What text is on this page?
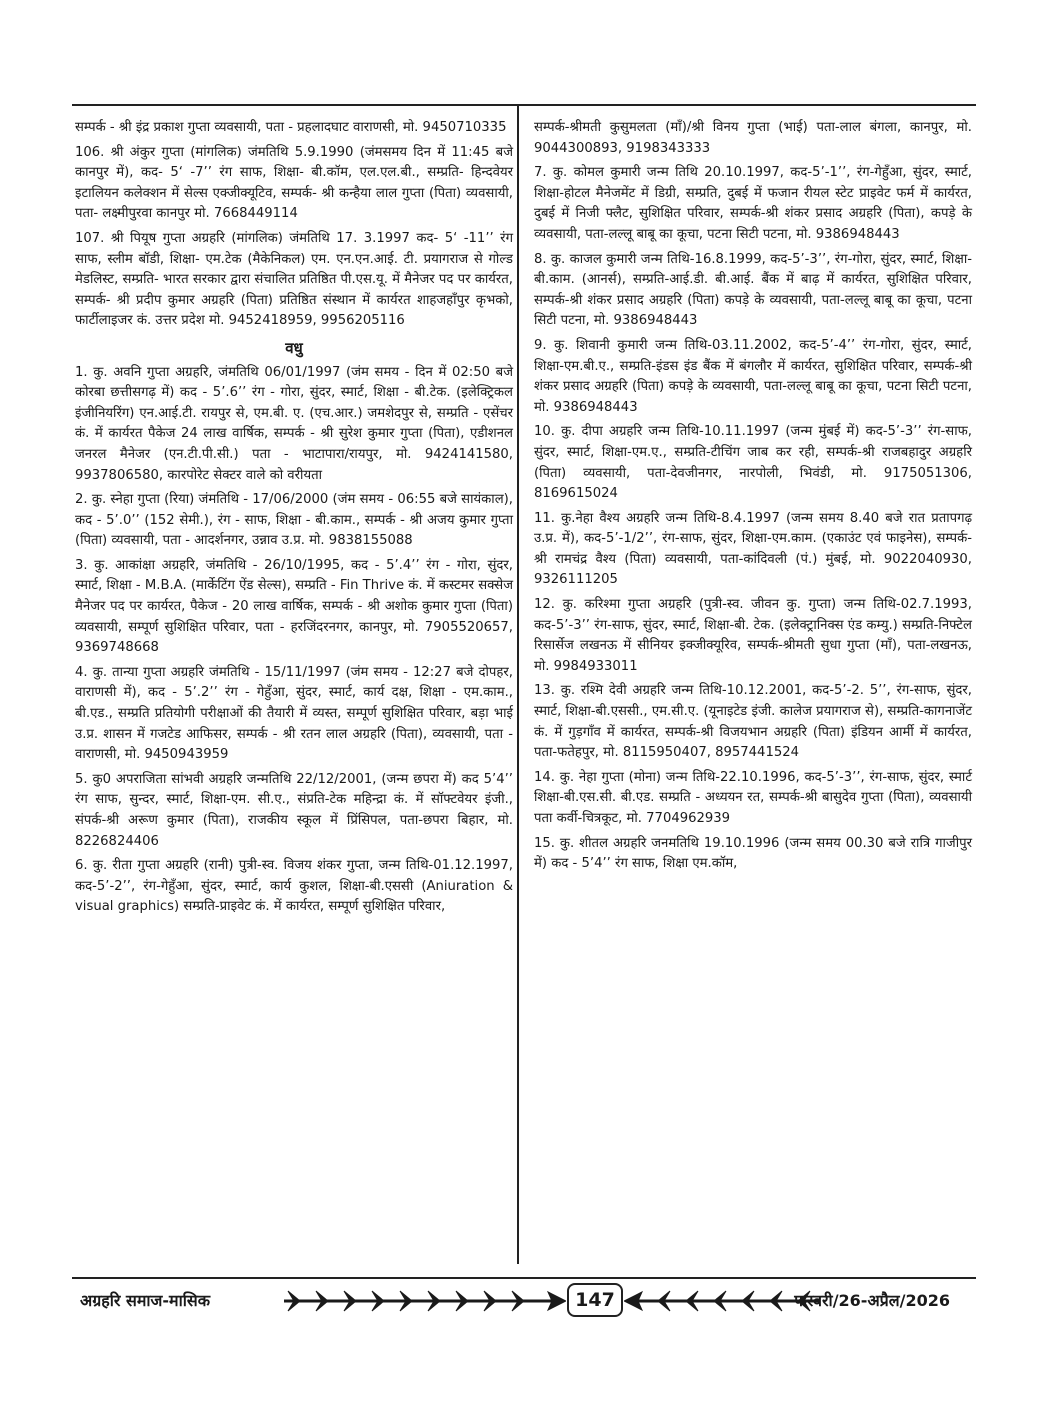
सम्पर्क - श्री इंद्र प्रकाश गुप्ता व्यवसायी, पता - प्रहलादघाट वाराणसी, मो. 9450710335

106. श्री अंकुर गुप्ता (मांगलिक) जंमतिथि 5.9.1990 (जंमसमय दिन में 11:45 बजे कानपुर में), कद- 5‘ -7’’ रंग साफ, शिक्षा- बी.कॉम, एल.एल.बी., सम्प्रति- हिन्दवेयर इटालियन कलेक्शन में सेल्स एक्जीक्यूटिव, सम्पर्क- श्री कन्हैया लाल गुप्ता (पिता) व्यवसायी, पता- लक्ष्मीपुरवा कानपुर मो. 7668449114

107. श्री पियूष गुप्ता अग्रहरि (मांगलिक) जंमतिथि 17. 3.1997 कद- 5‘ -11’’ रंग साफ, स्लीम बॉडी, शिक्षा- एम.टेक (मैकेनिकल) एम. एन.एन.आई. टी. प्रयागराज से गोल्ड मेडलिस्ट, सम्प्रति- भारत सरकार द्वारा संचालित प्रतिष्ठित पी.एस.यू. में मैनेजर पद पर कार्यरत, सम्पर्क- श्री प्रदीप कुमार अग्रहरि (पिता) प्रतिष्ठित संस्थान में कार्यरत शाहजहाँपुर कृभको, फार्टीलाइजर कं. उत्तर प्रदेश मो. 9452418959, 9956205116

वधु

1. कु. अवनि गुप्ता अग्रहरि, जंमतिथि 06/01/1997 (जंम समय - दिन में 02:50 बजे कोरबा छत्तीसगढ़ में) कद - 5’.6’’ रंग - गोरा, सुंदर, स्मार्ट, शिक्षा - बी.टेक. (इलेक्ट्रिकल इंजीनियरिंग) एन.आई.टी. रायपुर से, एम.बी. ए. (एच.आर.) जमशेदपुर से, सम्प्रति - एसेंचर कं. में कार्यरत पैकेज 24 लाख वार्षिक, सम्पर्क - श्री सुरेश कुमार गुप्ता (पिता), एडीशनल जनरल मैनेजर (एन.टी.पी.सी.) पता - भाटापारा/रायपुर, मो. 9424141580, 9937806580, कारपोरेट सेक्टर वाले को वरीयता

2. कु. स्नेहा गुप्ता (रिया) जंमतिथि - 17/06/2000 (जंम समय - 06:55 बजे सायंकाल), कद - 5’.0’’ (152 सेमी.), रंग - साफ, शिक्षा - बी.काम., सम्पर्क - श्री अजय कुमार गुप्ता (पिता) व्यवसायी, पता - आदर्शनगर, उन्नाव उ.प्र. मो. 9838155088

3. कु. आकांक्षा अग्रहरि, जंमतिथि - 26/10/1995, कद - 5’.4’’ रंग - गोरा, सुंदर, स्मार्ट, शिक्षा - M.B.A. (मार्केटिंग ऐंड सेल्स), सम्प्रति - Fin Thrive कं. में कस्टमर सक्सेज मैनेजर पद पर कार्यरत, पैकेज - 20 लाख वार्षिक, सम्पर्क - श्री अशोक कुमार गुप्ता (पिता) व्यवसायी, सम्पूर्ण सुशिक्षित परिवार, पता - हरजिंदरनगर, कानपुर, मो. 7905520657, 9369748668

4. कु. तान्या गुप्ता अग्रहरि जंमतिथि - 15/11/1997 (जंम समय - 12:27 बजे दोपहर, वाराणसी में), कद - 5’.2’’ रंग - गेहुँआ, सुंदर, स्मार्ट, कार्य दक्ष, शिक्षा - एम.काम., बी.एड., सम्प्रति प्रतियोगी परीक्षाओं की तैयारी में व्यस्त, सम्पूर्ण सुशिक्षित परिवार, बड़ा भाई उ.प्र. शासन में गजटेड आफिसर, सम्पर्क - श्री रतन लाल अग्रहरि (पिता), व्यवसायी, पता - वाराणसी, मो. 9450943959

5. कु0 अपराजिता सांभवी अग्रहरि जन्मतिथि 22/12/2001, (जन्म छपरा में) कद 5’4’’ रंग साफ, सुन्दर, स्मार्ट, शिक्षा-एम. सी.ए., संप्रति-टेक महिन्द्रा कं. में सॉफ्टवेयर इंजी., संपर्क-श्री अरूण कुमार (पिता), राजकीय स्कूल में प्रिंसिपल, पता-छपरा बिहार, मो. 8226824406

6. कु. रीता गुप्ता अग्रहरि (रानी) पुत्री-स्व. विजय शंकर गुप्ता, जन्म तिथि-01.12.1997, कद-5’-2’’, रंग-गेहुँआ, सुंदर, स्मार्ट, कार्य कुशल, शिक्षा-बी.एससी (Aniuration & visual graphics) सम्प्रति-प्राइवेट कं. में कार्यरत, सम्पूर्ण सुशिक्षित परिवार,

सम्पर्क-श्रीमती कुसुमलता (माँ)/श्री विनय गुप्ता (भाई) पता-लाल बंगला, कानपुर, मो. 9044300893, 9198343333

7. कु. कोमल कुमारी जन्म तिथि 20.10.1997, कद-5’-1’’, रंग-गेहुँआ, सुंदर, स्मार्ट, शिक्षा-होटल मैनेजमेंट में डिग्री, सम्प्रति, दुबई में फजान रीयल स्टेट प्राइवेट फर्म में कार्यरत, दुबई में निजी फ्लैट, सुशिक्षित परिवार, सम्पर्क-श्री शंकर प्रसाद अग्रहरि (पिता), कपड़े के व्यवसायी, पता-लल्लू बाबू का कूचा, पटना सिटी पटना, मो. 9386948443

8. कु. काजल कुमारी जन्म तिथि-16.8.1999, कद-5’-3’’, रंग-गोरा, सुंदर, स्मार्ट, शिक्षा-बी.काम. (आनर्स), सम्प्रति-आई.डी. बी.आई. बैंक में बाढ़ में कार्यरत, सुशिक्षित परिवार, सम्पर्क-श्री शंकर प्रसाद अग्रहरि (पिता) कपड़े के व्यवसायी, पता-लल्लू बाबू का कूचा, पटना सिटी पटना, मो. 9386948443

9. कु. शिवानी कुमारी जन्म तिथि-03.11.2002, कद-5’-4’’ रंग-गोरा, सुंदर, स्मार्ट, शिक्षा-एम.बी.ए., सम्प्रति-इंडस इंड बैंक में बंगलौर में कार्यरत, सुशिक्षित परिवार, सम्पर्क-श्री शंकर प्रसाद अग्रहरि (पिता) कपड़े के व्यवसायी, पता-लल्लू बाबू का कूचा, पटना सिटी पटना, मो. 9386948443

10. कु. दीपा अग्रहरि जन्म तिथि-10.11.1997 (जन्म मुंबई में) कद-5’-3’’ रंग-साफ, सुंदर, स्मार्ट, शिक्षा-एम.ए., सम्प्रति-टीचिंग जाब कर रही, सम्पर्क-श्री राजबहादुर अग्रहरि (पिता) व्यवसायी, पता-देवजीनगर, नारपोली, भिवंडी, मो. 9175051306, 8169615024

11. कु.नेहा वैश्य अग्रहरि जन्म तिथि-8.4.1997 (जन्म समय 8.40 बजे रात प्रतापगढ़ उ.प्र. में), कद-5’-1/2’’, रंग-साफ, सुंदर, शिक्षा-एम.काम. (एकाउंट एवं फाइनेस), सम्पर्क-श्री रामचंद्र वैश्य (पिता) व्यवसायी, पता-कांदिवली (पं.) मुंबई, मो. 9022040930, 9326111205

12. कु. करिश्मा गुप्ता अग्रहरि (पुत्री-स्व. जीवन कु. गुप्ता) जन्म तिथि-02.7.1993, कद-5’-3’’ रंग-साफ, सुंदर, स्मार्ट, शिक्षा-बी. टेक. (इलेक्ट्रानिक्स एंड कम्यु.) सम्प्रति-निफ्टेल रिसार्सेज लखनऊ में सीनियर इक्जीक्यूरिव, सम्पर्क-श्रीमती सुधा गुप्ता (माँ), पता-लखनऊ, मो. 9984933011

13. कु. रश्मि देवी अग्रहरि जन्म तिथि-10.12.2001, कद-5’-2. 5’’, रंग-साफ, सुंदर, स्मार्ट, शिक्षा-बी.एससी., एम.सी.ए. (यूनाइटेड इंजी. कालेज प्रयागराज से), सम्प्रति-कागनाजेंट कं. में गुड़गाँव में कार्यरत, सम्पर्क-श्री विजयभान अग्रहरि (पिता) इंडियन आर्मी में कार्यरत, पता-फतेहपुर, मो. 8115950407, 8957441524

14. कु. नेहा गुप्ता (मोना) जन्म तिथि-22.10.1996, कद-5’-3’’, रंग-साफ, सुंदर, स्मार्ट शिक्षा-बी.एस.सी. बी.एड. सम्प्रति - अध्ययन रत, सम्पर्क-श्री बासुदेव गुप्ता (पिता), व्यवसायी पता कर्वी-चित्रकूट, मो. 7704962939

15. कु. शीतल अग्रहरि जनमतिथि 19.10.1996 (जन्म समय 00.30 बजे रात्रि गाजीपुर में) कद - 5’4’’ रंग साफ, शिक्षा एम.कॉम,

अग्रहरि समाज-मासिक	147	फरवरी/26-अप्रैल/2026
